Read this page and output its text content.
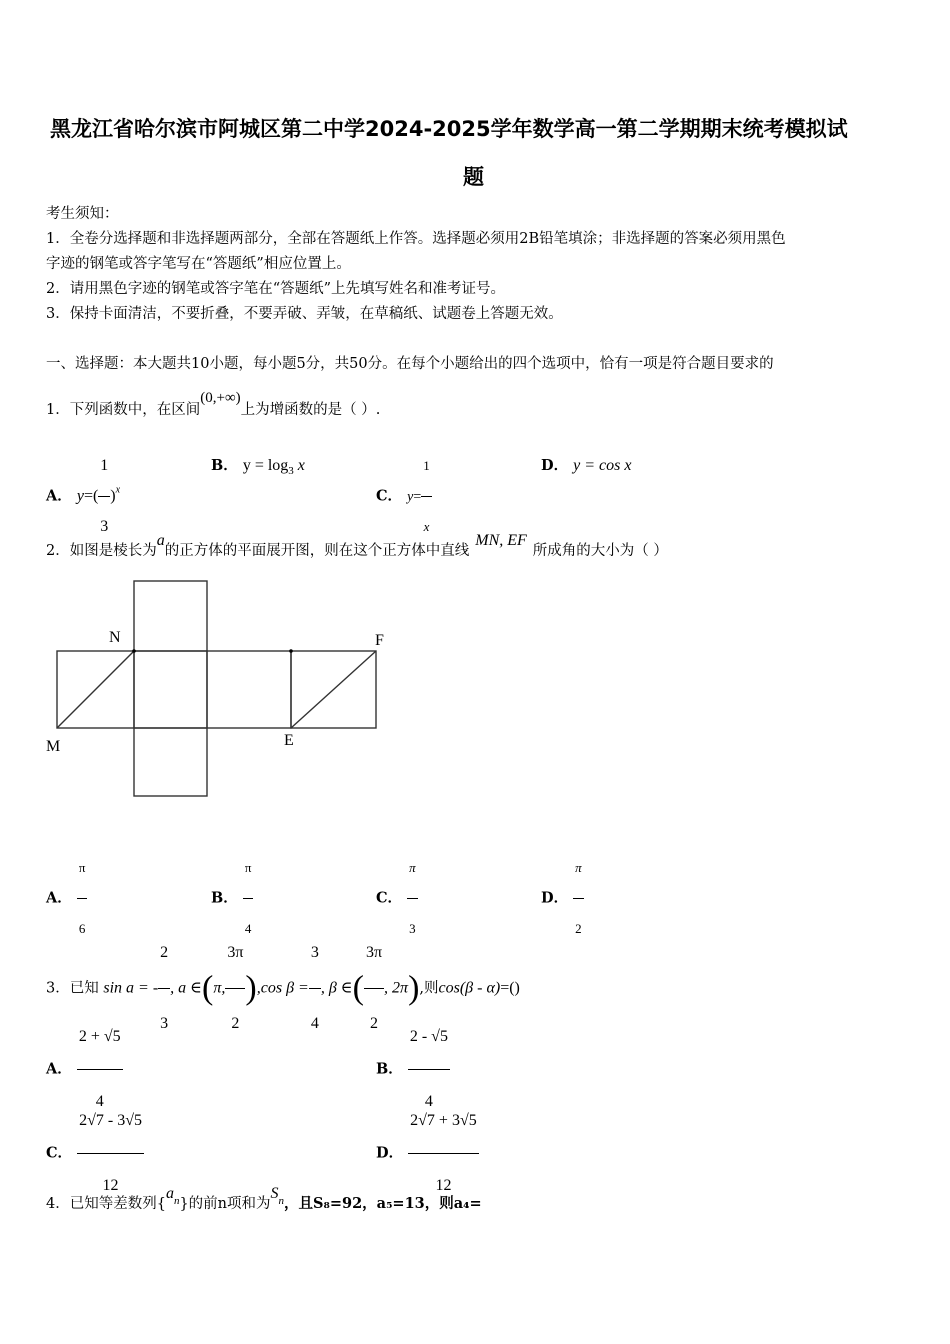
黑龙江省哈尔滨市阿城区第二中学2024-2025学年数学高一第二学期期末统考模拟试
题
考生须知：
1．全卷分选择题和非选择题两部分，全部在答题纸上作答。选择题必须用2B铅笔填涂；非选择题的答案必须用黑色
字迹的钢笔或答字笔写在“答题纸”相应位置上。
2．请用黑色字迹的钢笔或答字笔在“答题纸”上先填写姓名和准考证号。
3．保持卡面清洁，不要折叠，不要弄破、弄皱，在草稿纸、试题卷上答题无效。
一、选择题：本大题共10小题，每小题5分，共50分。在每个小题给出的四个选项中，恰有一项是符合题目要求的
1．下列函数中，在区间(0,+∞)上为增函数的是（ ）.
A． $y=( \frac{1}{3} )^x$
B． $y = \log_3 x$
C． $y= \frac{1}{x}$	D． y = cos x
2．如图是棱长为a的正方体的平面展开图，则在这个正方体中直线MN, EF所成角的大小为（ ）
N	F
M	E
A． $\frac{\pi}{6}$	B． $\frac{\pi}{4}$	C． $\frac{\pi}{3}$	D． $\frac{\pi}{2}$
3．已知 sin a = - $\frac{2}{3}$ , a ∈(π, $\frac{3\pi}{2} ),\cos$ $\beta = \frac{3}{4}$ , β ∈( $\frac{3\pi}{2}$ , 2π),则cos(β - α)=()
A． $\frac{2 + √5}{4}$	B． $\frac{2 - √5}{4}$
C． $\frac{2√7 - 3√5}{12}$	D． $\frac{2√7 + 3√5}{12}$
4．已知等差数列$\{a^n\}$的前n项和为$S^n$，且S₈=92，a₅=13，则a₄=
